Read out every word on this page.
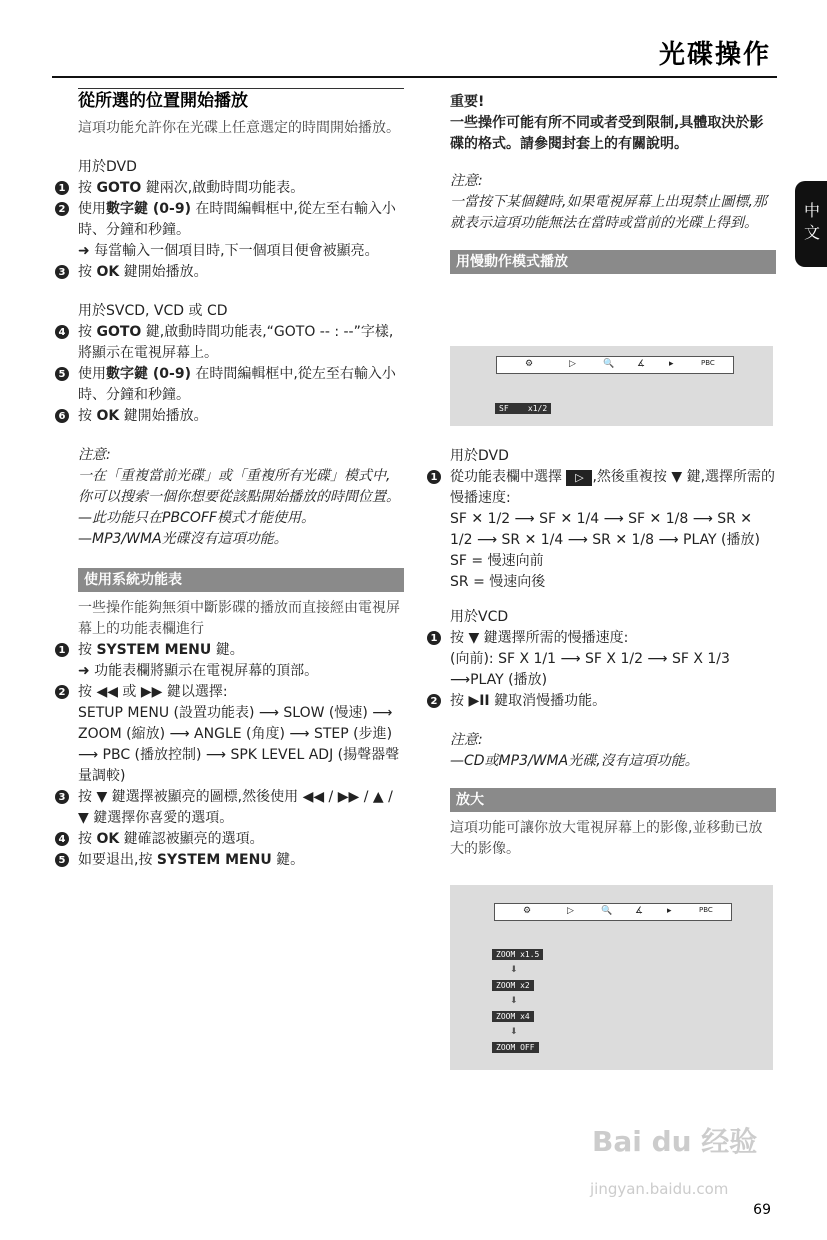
光碟操作
中文
從所選的位置開始播放

這項功能允許你在光碟上任意選定的時間開始播放。

用於DVD
1 按 GOTO 鍵兩次,啟動時間功能表。
2 使用數字鍵 (0-9) 在時間編輯框中,從左至右輸入小時、分鐘和秒鐘。
➜ 每當輸入一個項目時,下一個項目便會被顯亮。
3 按 OK 鍵開始播放。
用於SVCD, VCD 或 CD
4 按 GOTO 鍵,啟動時間功能表,“GOTO -- : --”字樣,將顯示在電視屏幕上。
5 使用數字鍵 (0-9) 在時間編輯框中,從左至右輸入小時、分鐘和秒鐘。
6 按 OK 鍵開始播放。
注意:
一在「重複當前光碟」或「重複所有光碟」模式中,你可以搜索一個你想要從該點開始播放的時間位置。
—此功能只在PBCOFF模式才能使用。
—MP3/WMA光碟沒有這項功能。
使用系統功能表

一些操作能夠無須中斷影碟的播放而直接經由電視屏幕上的功能表欄進行

1 按 SYSTEM MENU 鍵。
➜ 功能表欄將顯示在電視屏幕的頂部。
2 按 ◀◀ 或 ▶▶ 鍵以選擇:
SETUP MENU (設置功能表) ⟶ SLOW (慢速) ⟶ ZOOM (縮放) ⟶ ANGLE (角度) ⟶ STEP (步進) ⟶ PBC (播放控制) ⟶ SPK LEVEL ADJ (揚聲器聲量調較)
3 按 ▼ 鍵選擇被顯亮的圖標,然後使用 ◀◀ / ▶▶ / ▲ / ▼ 鍵選擇你喜愛的選項。
4 按 OK 鍵確認被顯亮的選項。
5 如要退出,按 SYSTEM MENU 鍵。
重要!
一些操作可能有所不同或者受到限制,具體取決於影碟的格式。請參閱封套上的有關說明。
注意:
一當按下某個鍵時,如果電視屏幕上出現禁止圖標,那就表示這項功能無法在當時或當前的光碟上得到。
用慢動作模式播放
⚙	▷	🔍	∡	▸	PBC
SF x1/2
用於DVD
1 從功能表欄中選擇 ▷ ,然後重複按 ▼ 鍵,選擇所需的慢播速度:
SF ✕ 1/2 ⟶ SF ✕ 1/4 ⟶ SF ✕ 1/8 ⟶ SR ✕ 1/2 ⟶ SR ✕ 1/4 ⟶ SR ✕ 1/8 ⟶ PLAY (播放)
SF = 慢速向前
SR = 慢速向後
用於VCD
1 按 ▼ 鍵選擇所需的慢播速度:
(向前): SF X 1/1 ⟶ SF X 1/2 ⟶ SF X 1/3 ⟶PLAY (播放)
2 按 ▶II 鍵取消慢播功能。
注意:
—CD或MP3/WMA光碟,沒有這項功能。
放大

這項功能可讓你放大電視屏幕上的影像,並移動已放大的影像。

⚙	▷	🔍	∡	▸	PBC
ZOOM x1.5
⬇
ZOOM x2
⬇
ZOOM x4
⬇
ZOOM OFF
Bai du 经验
jingyan.baidu.com
69
